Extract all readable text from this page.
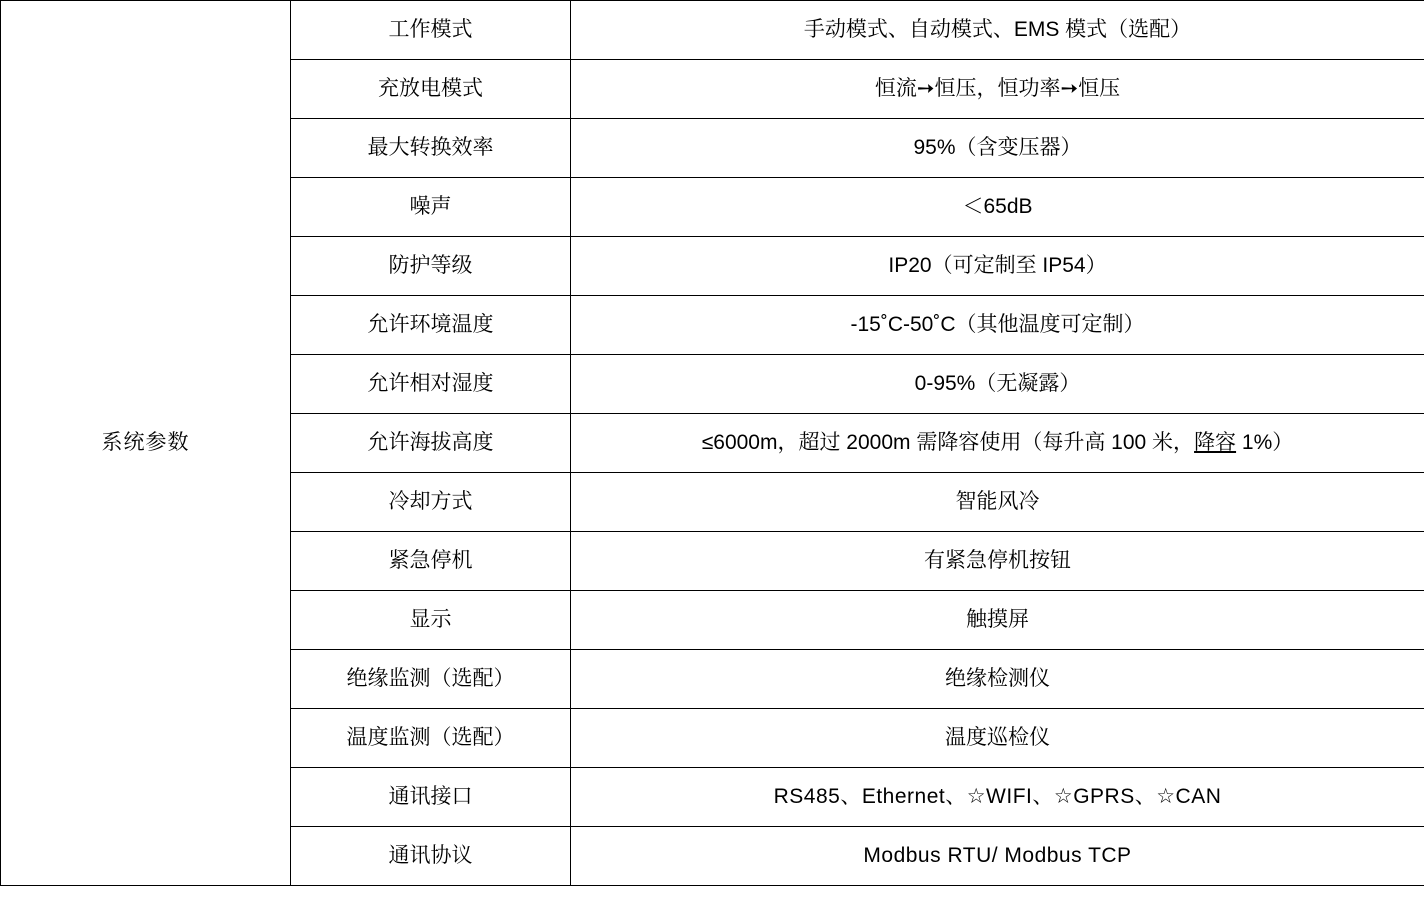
系统参数	工作模式	手动模式、自动模式、EMS 模式（选配）
	充放电模式	恒流➙恒压，恒功率➙恒压
	最大转换效率	95%（含变压器）
	噪声	＜65dB
	防护等级	IP20（可定制至 IP54）
	允许环境温度	-15˚C-50˚C（其他温度可定制）
	允许相对湿度	0-95%（无凝露）
	允许海拔高度	≤6000m，超过 2000m 需降容使用（每升高 100 米，降容 1%）
	冷却方式	智能风冷
	紧急停机	有紧急停机按钮
	显示	触摸屏
	绝缘监测（选配）	绝缘检测仪
	温度监测（选配）	温度巡检仪
	通讯接口	RS485、Ethernet、☆WIFI、☆GPRS、☆CAN
	通讯协议	Modbus RTU/ Modbus TCP
